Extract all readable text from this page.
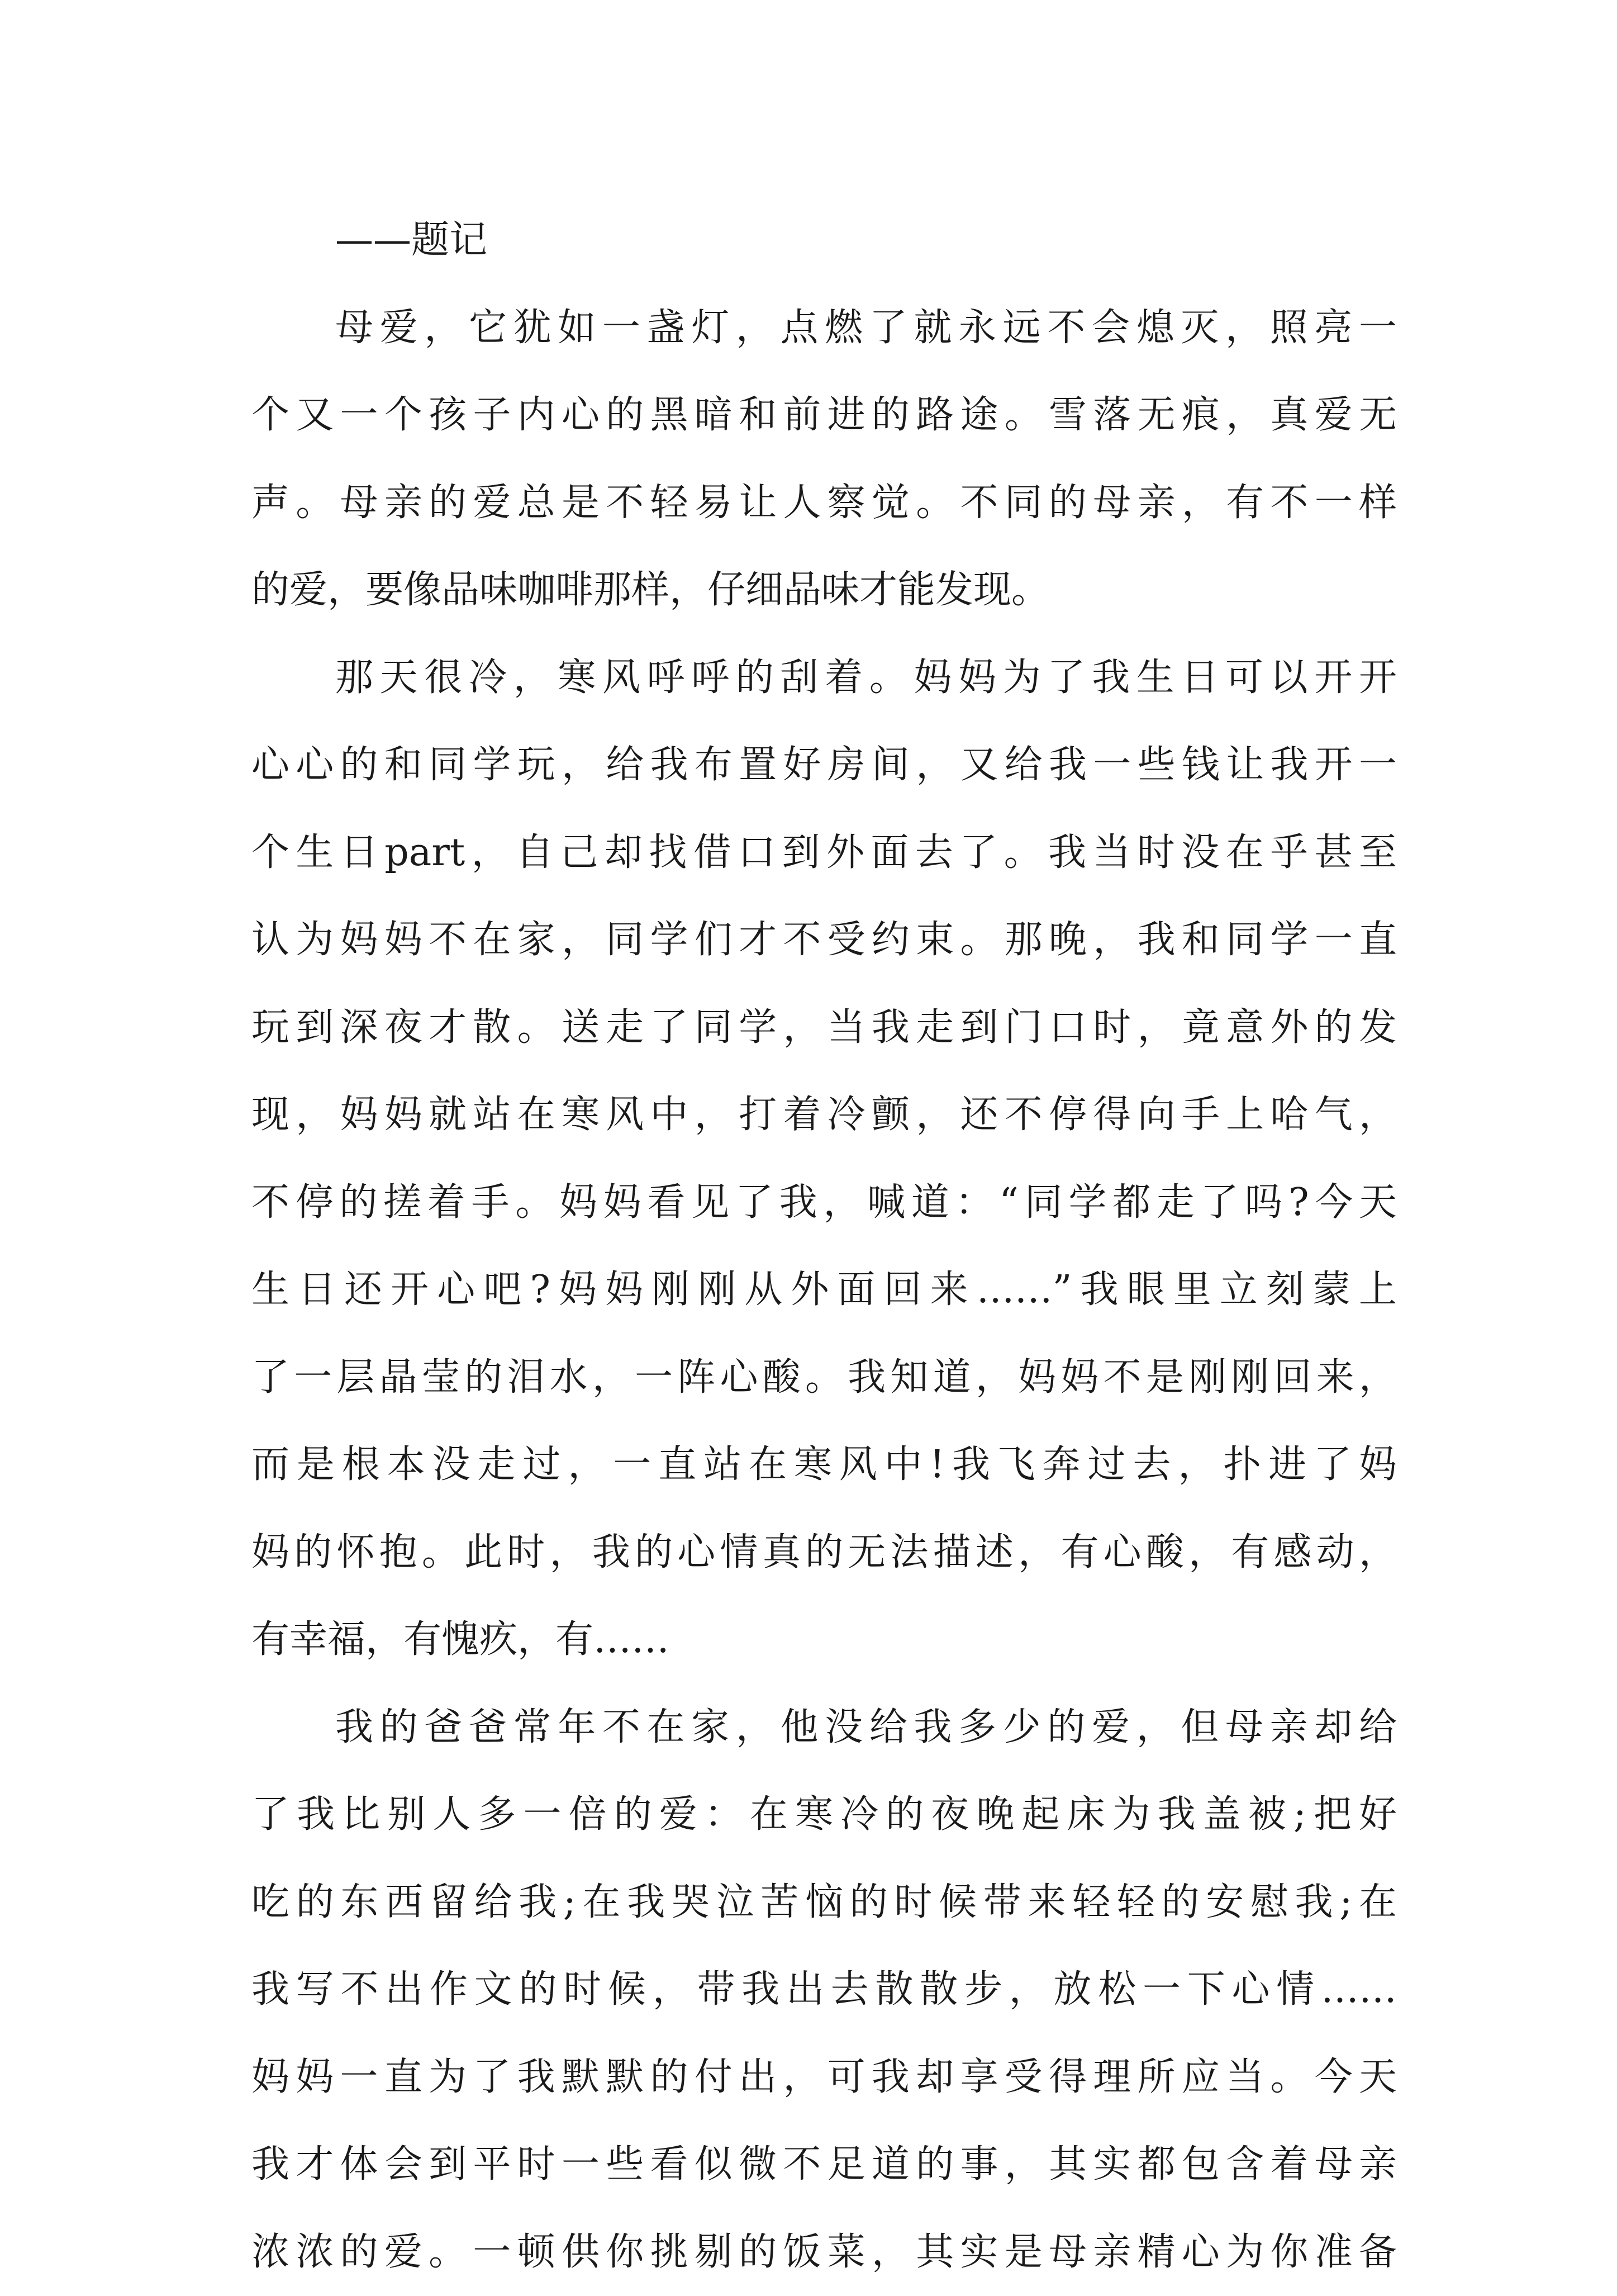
——题记
母爱，它犹如一盏灯，点燃了就永远不会熄灭，照亮一
个又一个孩子内心的黑暗和前进的路途。雪落无痕，真爱无
声。母亲的爱总是不轻易让人察觉。不同的母亲，有不一样
的爱，要像品味咖啡那样，仔细品味才能发现。
那天很冷，寒风呼呼的刮着。妈妈为了我生日可以开开
心心的和同学玩，给我布置好房间，又给我一些钱让我开一
个生日part，自己却找借口到外面去了。我当时没在乎甚至
认为妈妈不在家，同学们才不受约束。那晚，我和同学一直
玩到深夜才散。送走了同学，当我走到门口时，竟意外的发
现，妈妈就站在寒风中，打着冷颤，还不停得向手上哈气，
不停的搓着手。妈妈看见了我，喊道：“同学都走了吗?今天
生日还开心吧?妈妈刚刚从外面回来……”我眼里立刻蒙上
了一层晶莹的泪水，一阵心酸。我知道，妈妈不是刚刚回来，
而是根本没走过，一直站在寒风中!我飞奔过去，扑进了妈
妈的怀抱。此时，我的心情真的无法描述，有心酸，有感动，
有幸福，有愧疚，有……
我的爸爸常年不在家，他没给我多少的爱，但母亲却给
了我比别人多一倍的爱：在寒冷的夜晚起床为我盖被;把好
吃的东西留给我;在我哭泣苦恼的时候带来轻轻的安慰我;在
我写不出作文的时候，带我出去散散步，放松一下心情……
妈妈一直为了我默默的付出，可我却享受得理所应当。今天
我才体会到平时一些看似微不足道的事，其实都包含着母亲
浓浓的爱。一顿供你挑剔的饭菜，其实是母亲精心为你准备
